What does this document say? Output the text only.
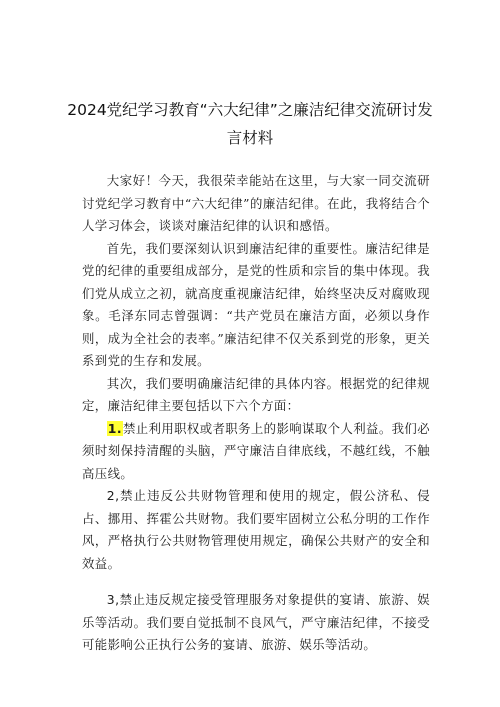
2024党纪学习教育“六大纪律”之廉洁纪律交流研讨发言材料

大家好！今天，我很荣幸能站在这里，与大家一同交流研讨党纪学习教育中“六大纪律”的廉洁纪律。在此，我将结合个人学习体会，谈谈对廉洁纪律的认识和感悟。

首先，我们要深刻认识到廉洁纪律的重要性。廉洁纪律是党的纪律的重要组成部分，是党的性质和宗旨的集中体现。我们党从成立之初，就高度重视廉洁纪律，始终坚决反对腐败现象。毛泽东同志曾强调：“共产党员在廉洁方面，必须以身作则，成为全社会的表率。”廉洁纪律不仅关系到党的形象，更关系到党的生存和发展。

其次，我们要明确廉洁纪律的具体内容。根据党的纪律规定，廉洁纪律主要包括以下六个方面：

1.禁止利用职权或者职务上的影响谋取个人利益。我们必须时刻保持清醒的头脑，严守廉洁自律底线，不越红线，不触高压线。

2,禁止违反公共财物管理和使用的规定，假公济私、侵占、挪用、挥霍公共财物。我们要牢固树立公私分明的工作作风，严格执行公共财物管理使用规定，确保公共财产的安全和效益。

3,禁止违反规定接受管理服务对象提供的宴请、旅游、娱乐等活动。我们要自觉抵制不良风气，严守廉洁纪律，不接受可能影响公正执行公务的宴请、旅游、娱乐等活动。
